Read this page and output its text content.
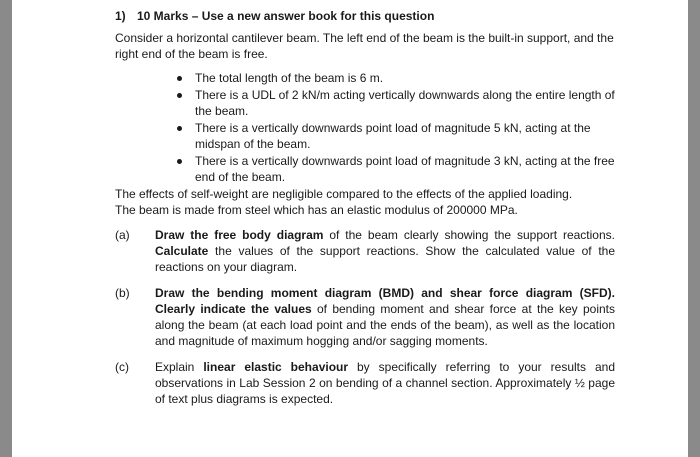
1) 10 Marks – Use a new answer book for this question

Consider a horizontal cantilever beam. The left end of the beam is the built-in support, and the right end of the beam is free.

The total length of the beam is 6 m.
There is a UDL of 2 kN/m acting vertically downwards along the entire length of the beam.
There is a vertically downwards point load of magnitude 5 kN, acting at the midspan of the beam.
There is a vertically downwards point load of magnitude 3 kN, acting at the free end of the beam.

The effects of self-weight are negligible compared to the effects of the applied loading.

The beam is made from steel which has an elastic modulus of 200000 MPa.

(a)	Draw the free body diagram of the beam clearly showing the support reactions. Calculate the values of the support reactions. Show the calculated value of the reactions on your diagram.
(b)	Draw the bending moment diagram (BMD) and shear force diagram (SFD). Clearly indicate the values of bending moment and shear force at the key points along the beam (at each load point and the ends of the beam), as well as the location and magnitude of maximum hogging and/or sagging moments.
(c)	Explain linear elastic behaviour by specifically referring to your results and observations in Lab Session 2 on bending of a channel section. Approximately ½ page of text plus diagrams is expected.
